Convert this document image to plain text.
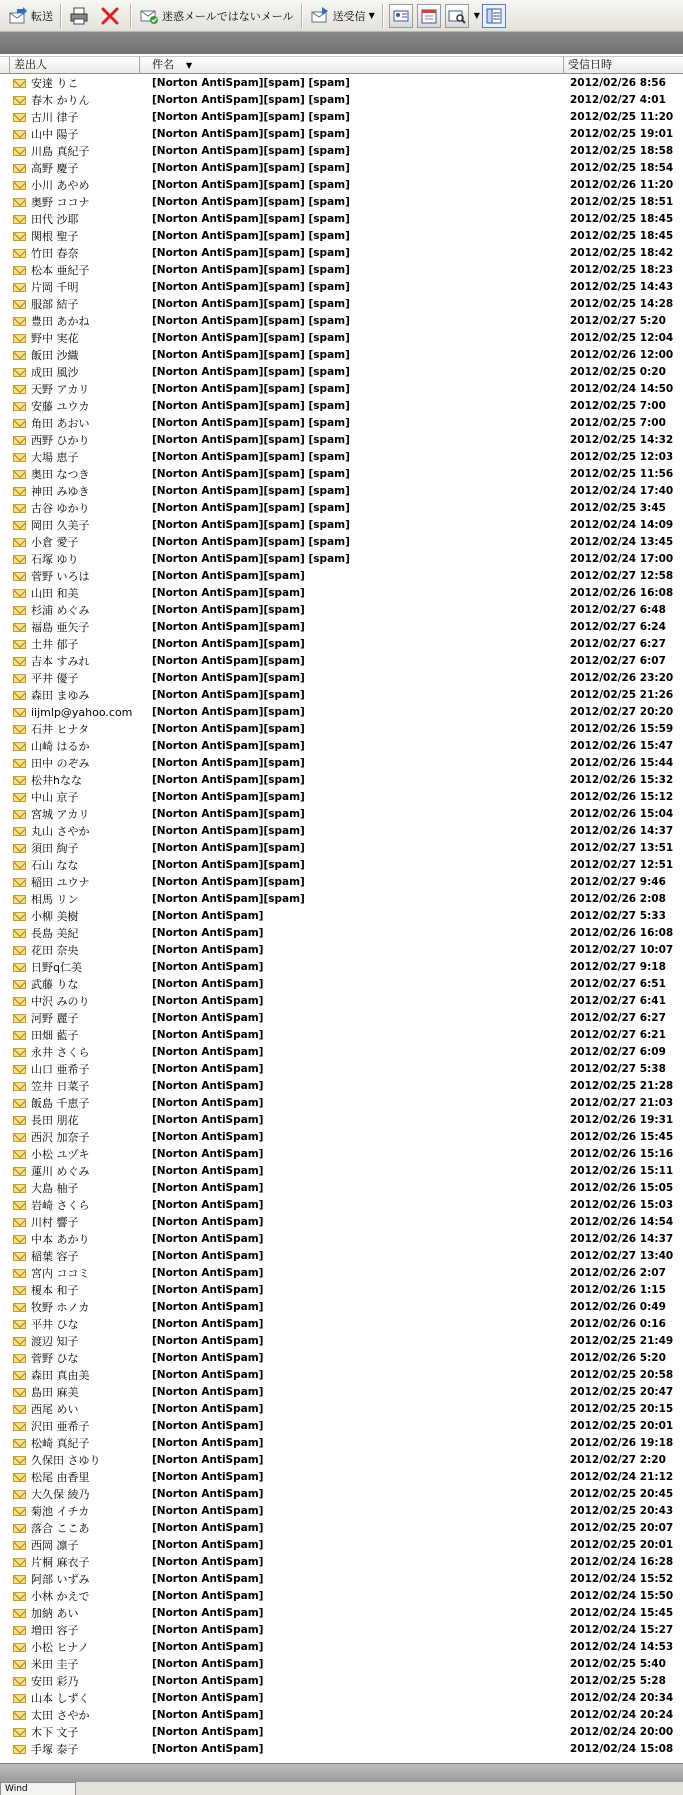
転送	迷惑メールではないメール	送受信 ▼	▼
差出人	件名 ▼	受信日時
安達 りこ	[Norton AntiSpam][spam] [spam]	2012/02/26 8:56
春木 かりん	[Norton AntiSpam][spam] [spam]	2012/02/27 4:01
古川 律子	[Norton AntiSpam][spam] [spam]	2012/02/25 11:20
山中 陽子	[Norton AntiSpam][spam] [spam]	2012/02/25 19:01
川島 真紀子	[Norton AntiSpam][spam] [spam]	2012/02/25 18:58
高野 慶子	[Norton AntiSpam][spam] [spam]	2012/02/25 18:54
小川 あやめ	[Norton AntiSpam][spam] [spam]	2012/02/26 11:20
奥野 ココナ	[Norton AntiSpam][spam] [spam]	2012/02/25 18:51
田代 沙耶	[Norton AntiSpam][spam] [spam]	2012/02/25 18:45
関根 聖子	[Norton AntiSpam][spam] [spam]	2012/02/25 18:45
竹田 春奈	[Norton AntiSpam][spam] [spam]	2012/02/25 18:42
松本 亜紀子	[Norton AntiSpam][spam] [spam]	2012/02/25 18:23
片岡 千明	[Norton AntiSpam][spam] [spam]	2012/02/25 14:43
服部 結子	[Norton AntiSpam][spam] [spam]	2012/02/25 14:28
豊田 あかね	[Norton AntiSpam][spam] [spam]	2012/02/27 5:20
野中 実花	[Norton AntiSpam][spam] [spam]	2012/02/25 12:04
飯田 沙織	[Norton AntiSpam][spam] [spam]	2012/02/26 12:00
成田 風沙	[Norton AntiSpam][spam] [spam]	2012/02/25 0:20
天野 アカリ	[Norton AntiSpam][spam] [spam]	2012/02/24 14:50
安藤 ユウカ	[Norton AntiSpam][spam] [spam]	2012/02/25 7:00
角田 あおい	[Norton AntiSpam][spam] [spam]	2012/02/25 7:00
西野 ひかり	[Norton AntiSpam][spam] [spam]	2012/02/25 14:32
大場 恵子	[Norton AntiSpam][spam] [spam]	2012/02/25 12:03
奥田 なつき	[Norton AntiSpam][spam] [spam]	2012/02/25 11:56
神田 みゆき	[Norton AntiSpam][spam] [spam]	2012/02/24 17:40
古谷 ゆかり	[Norton AntiSpam][spam] [spam]	2012/02/25 3:45
岡田 久美子	[Norton AntiSpam][spam] [spam]	2012/02/24 14:09
小倉 愛子	[Norton AntiSpam][spam] [spam]	2012/02/24 13:45
石塚 ゆり	[Norton AntiSpam][spam] [spam]	2012/02/24 17:00
菅野 いろは	[Norton AntiSpam][spam]	2012/02/27 12:58
山田 和美	[Norton AntiSpam][spam]	2012/02/26 16:08
杉浦 めぐみ	[Norton AntiSpam][spam]	2012/02/27 6:48
福島 亜矢子	[Norton AntiSpam][spam]	2012/02/27 6:24
土井 郁子	[Norton AntiSpam][spam]	2012/02/27 6:27
吉本 すみれ	[Norton AntiSpam][spam]	2012/02/27 6:07
平井 優子	[Norton AntiSpam][spam]	2012/02/26 23:20
森田 まゆみ	[Norton AntiSpam][spam]	2012/02/25 21:26
iijmlp@yahoo.com	[Norton AntiSpam][spam]	2012/02/27 20:20
石井 ヒナタ	[Norton AntiSpam][spam]	2012/02/26 15:59
山崎 はるか	[Norton AntiSpam][spam]	2012/02/26 15:47
田中 のぞみ	[Norton AntiSpam][spam]	2012/02/26 15:44
松井hなな	[Norton AntiSpam][spam]	2012/02/26 15:32
中山 京子	[Norton AntiSpam][spam]	2012/02/26 15:12
宮城 アカリ	[Norton AntiSpam][spam]	2012/02/26 15:04
丸山 さやか	[Norton AntiSpam][spam]	2012/02/26 14:37
須田 絢子	[Norton AntiSpam][spam]	2012/02/27 13:51
石山 なな	[Norton AntiSpam][spam]	2012/02/27 12:51
稲田 ユウナ	[Norton AntiSpam][spam]	2012/02/27 9:46
相馬 リン	[Norton AntiSpam][spam]	2012/02/26 2:08
小柳 美樹	[Norton AntiSpam]	2012/02/27 5:33
長島 美紀	[Norton AntiSpam]	2012/02/26 16:08
花田 奈央	[Norton AntiSpam]	2012/02/27 10:07
日野q仁美	[Norton AntiSpam]	2012/02/27 9:18
武藤 りな	[Norton AntiSpam]	2012/02/27 6:51
中沢 みのり	[Norton AntiSpam]	2012/02/27 6:41
河野 麗子	[Norton AntiSpam]	2012/02/27 6:27
田畑 藍子	[Norton AntiSpam]	2012/02/27 6:21
永井 さくら	[Norton AntiSpam]	2012/02/27 6:09
山口 亜希子	[Norton AntiSpam]	2012/02/27 5:38
笠井 日菜子	[Norton AntiSpam]	2012/02/25 21:28
飯島 千恵子	[Norton AntiSpam]	2012/02/27 21:03
長田 朋花	[Norton AntiSpam]	2012/02/26 19:31
西沢 加奈子	[Norton AntiSpam]	2012/02/26 15:45
小松 ユヅキ	[Norton AntiSpam]	2012/02/26 15:16
蓮川 めぐみ	[Norton AntiSpam]	2012/02/26 15:11
大島 柚子	[Norton AntiSpam]	2012/02/26 15:05
岩崎 さくら	[Norton AntiSpam]	2012/02/26 15:03
川村 響子	[Norton AntiSpam]	2012/02/26 14:54
中本 あかり	[Norton AntiSpam]	2012/02/26 14:37
稲葉 容子	[Norton AntiSpam]	2012/02/27 13:40
宮内 ココミ	[Norton AntiSpam]	2012/02/26 2:07
榎本 和子	[Norton AntiSpam]	2012/02/26 1:15
牧野 ホノカ	[Norton AntiSpam]	2012/02/26 0:49
平井 ひな	[Norton AntiSpam]	2012/02/26 0:16
渡辺 知子	[Norton AntiSpam]	2012/02/25 21:49
菅野 ひな	[Norton AntiSpam]	2012/02/26 5:20
森田 真由美	[Norton AntiSpam]	2012/02/25 20:58
島田 麻美	[Norton AntiSpam]	2012/02/25 20:47
西尾 めい	[Norton AntiSpam]	2012/02/25 20:15
沢田 亜希子	[Norton AntiSpam]	2012/02/25 20:01
松崎 真紀子	[Norton AntiSpam]	2012/02/26 19:18
久保田 さゆり	[Norton AntiSpam]	2012/02/27 2:20
松尾 由香里	[Norton AntiSpam]	2012/02/24 21:12
大久保 綾乃	[Norton AntiSpam]	2012/02/25 20:45
菊池 イチカ	[Norton AntiSpam]	2012/02/25 20:43
落合 ここあ	[Norton AntiSpam]	2012/02/25 20:07
西岡 凛子	[Norton AntiSpam]	2012/02/25 20:01
片桐 麻衣子	[Norton AntiSpam]	2012/02/24 16:28
阿部 いずみ	[Norton AntiSpam]	2012/02/24 15:52
小林 かえで	[Norton AntiSpam]	2012/02/24 15:50
加納 あい	[Norton AntiSpam]	2012/02/24 15:45
増田 容子	[Norton AntiSpam]	2012/02/24 15:27
小松 ヒナノ	[Norton AntiSpam]	2012/02/24 14:53
米田 圭子	[Norton AntiSpam]	2012/02/25 5:40
安田 彩乃	[Norton AntiSpam]	2012/02/25 5:28
山本 しずく	[Norton AntiSpam]	2012/02/24 20:34
太田 さやか	[Norton AntiSpam]	2012/02/24 20:24
木下 文子	[Norton AntiSpam]	2012/02/24 20:00
手塚 泰子	[Norton AntiSpam]	2012/02/24 15:08
Wind
